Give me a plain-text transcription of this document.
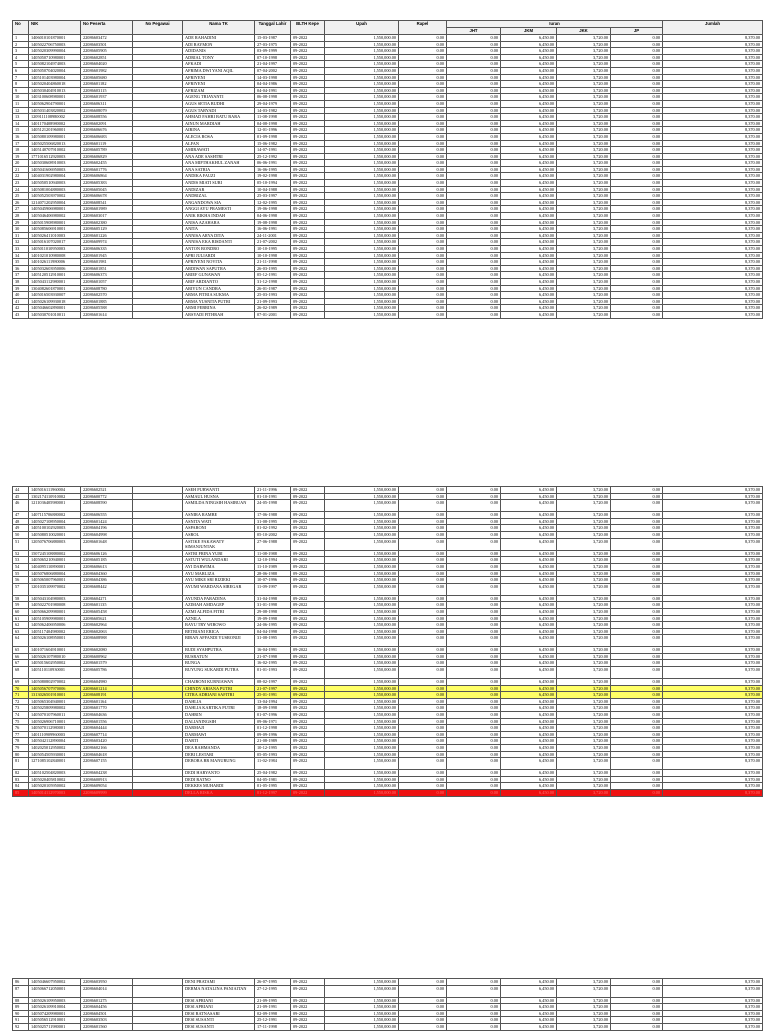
No	NIK	No Peserta	No Pegawai	Nama TK	Tanggal Lahir	BLTH Kepe	Upah	Rapel	Iuran				Jumlah
									JHT	JKM	JKK	JP	
1	1406010101870001	22086603472		ADE RAHADINI	15-03-1987	09-2022	1,550,000.00	0.00	0.00	6,450.00	3,720.00	0.00	8,370.00
2	1405022706750003	22086603501		ADI RAYMON	27-03-1975	09-2022	1,550,000.00	0.00	0.00	6,450.00	3,720.00	0.00	8,370.00
3	1405020309990004	22086605905		ADIDANIS	03-09-1999	09-2022	1,550,000.00	0.00	0.00	6,450.00	3,720.00	0.00	8,370.00
4	1405050710980001	22086602851		ADRIAL TONY	07-10-1998	09-2022	1,550,000.00	0.00	0.00	6,450.00	3,720.00	0.00	8,370.00
5	1405082104974003	22086604020		AFKADI	21-04-1997	09-2022	1,550,000.00	0.00	0.00	6,450.00	3,720.00	0.00	8,370.00
6	1405050704020004	22086601982		AFRIMA DWI YANI AQIL	07-04-2002	09-2022	1,550,000.00	0.00	0.00	6,450.00	3,720.00	0.00	8,370.00
7	1405101403980004	22086605680		AFRIYENI	14-03-1998	09-2022	1,550,000.00	0.00	0.00	6,450.00	3,720.00	0.00	8,370.00
8	1405020404860018	22086601182		AFRIYENI	04-04-1986	09-2022	1,550,000.00	0.00	0.00	6,450.00	3,720.00	0.00	8,370.00
9	1405030404910013	22086603115		AFRIZAM	04-04-1991	09-2022	1,550,000.00	0.00	0.00	6,450.00	3,720.00	0.00	8,370.00
10	1403100608980001	22086601937		AGENG TRIAYANTI	06-08-1998	09-2022	1,550,000.00	0.00	0.00	6,450.00	3,720.00	0.00	8,370.00
11	1405062904790001	22086606311		AGUS SETIA BUDHI	29-04-1979	09-2022	1,550,000.00	0.00	0.00	6,450.00	3,720.00	0.00	8,370.00
12	1405031403820002	22086608079		AGUS TARYADI	14-03-1982	09-2022	1,550,000.00	0.00	0.00	6,450.00	3,720.00	0.00	8,370.00
13	1209111108980002	22086608556		AHMAD FAHRI BATU BARA	11-08-1998	09-2022	1,550,000.00	0.00	0.00	6,450.00	3,720.00	0.00	8,370.00
14	1401170408980002	22086602091		AINUN MARDIAH	04-08-1998	09-2022	1,550,000.00	0.00	0.00	6,450.00	3,720.00	0.00	8,370.00
15	1405121201960001	22086606676		AIRINA	12-01-1996	09-2022	1,550,000.00	0.00	0.00	6,450.00	3,720.00	0.00	8,370.00
16	1405080109980001	22086606683		ALECIA ROSA	01-09-1998	09-2022	1,550,000.00	0.00	0.00	6,450.00	3,720.00	0.00	8,370.00
17	1405025506820013	22086601119		ALFAN	15-06-1982	09-2022	1,550,000.00	0.00	0.00	6,450.00	3,720.00	0.00	8,370.00
18	1405140707910002	22086605789		AMIRAWATI	14-07-1991	09-2022	1,550,000.00	0.00	0.00	6,450.00	3,720.00	0.00	8,370.00
19	1771016512920003	22086606829		ANA ADE SASHTRI	25-12-1992	09-2022	1,550,000.00	0.00	0.00	6,450.00	3,720.00	0.00	8,370.00
20	1405030608910003	22086602455		ANA MIFTHAKHUL ZANAH	06-06-1991	09-2022	1,550,000.00	0.00	0.00	6,450.00	3,720.00	0.00	8,370.00
21	1405041606950003	22086601776		ANA SATRIA	16-06-1995	09-2022	1,550,000.00	0.00	0.00	6,450.00	3,720.00	0.00	8,370.00
22	1404031902980004	22086606864		ANDIKA FAUZI	19-02-1998	09-2022	1,550,000.00	0.00	0.00	6,450.00	3,720.00	0.00	8,370.00
23	1405050510940003	22086605383		ANDIS MIATI SURI	05-10-1994	09-2022	1,550,000.00	0.00	0.00	6,450.00	3,720.00	0.00	8,370.00
24	1405081004880003	22086605045		ANDIZAR	10-04-1988	09-2022	1,550,000.00	0.00	0.00	6,450.00	3,720.00	0.00	8,370.00
25	1405052503970002	22086606678		ANDRIZAL	25-03-1997	09-2022	1,550,000.00	0.00	0.00	6,450.00	3,720.00	0.00	8,370.00
26	1214071202950004	22086608541		ANGANDOWA SIA	12-02-1995	09-2022	1,550,000.00	0.00	0.00	6,450.00	3,720.00	0.00	8,370.00
27	1405045906980001	22086601989		ANGGI AYU PRAMESTI	19-06-1998	09-2022	1,550,000.00	0.00	0.00	6,450.00	3,720.00	0.00	8,370.00
28	1405046406980002	22086603017		ANIK RIKHA INDAH	04-06-1998	09-2022	1,550,000.00	0.00	0.00	6,450.00	3,720.00	0.00	8,370.00
29	1405015908980001	22086602380		ANISA AZAHARA	19-08-1998	09-2022	1,550,000.00	0.00	0.00	6,450.00	3,720.00	0.00	8,370.00
30	1405085606910001	22086605129		ANITA	16-06-1991	09-2022	1,550,000.00	0.00	0.00	6,450.00	3,720.00	0.00	8,370.00
31	1405026411010003	22086601226		ANNISA ARYA DITA	24-11-2001	09-2022	1,550,000.00	0.00	0.00	6,450.00	3,720.00	0.00	8,370.00
32	1405016107020017	22086609974		ANNISA EKA RISDANTI	21-07-2002	09-2022	1,550,000.00	0.00	0.00	6,450.00	3,720.00	0.00	8,370.00
33	1405011010950003	22086606335		ANTON BONDRO	10-10-1995	09-2022	1,550,000.00	0.00	0.00	6,450.00	3,720.00	0.00	8,370.00
34	1401021010980008	22086601945		APRI JULIARDI	10-10-1998	09-2022	1,550,000.00	0.00	0.00	6,450.00	3,720.00	0.00	8,370.00
35	1401026111980006	22086601981		APRIYENI NOVITA	21-11-1998	09-2022	1,550,000.00	0.00	0.00	6,450.00	3,720.00	0.00	8,370.00
36	1405032603950006	22086601851		ARDIWAN SAPUTRA	26-03-1995	09-2022	1,550,000.00	0.00	0.00	6,450.00	3,720.00	0.00	8,370.00
37	1405120512910001	22086606373		ARIEF GUNAWAN	05-12-1991	09-2022	1,550,000.00	0.00	0.00	6,450.00	3,720.00	0.00	8,370.00
38	1405043112980001	22086601057		ARIF ARDIANTO	31-12-1998	09-2022	1,550,000.00	0.00	0.00	6,450.00	3,720.00	0.00	8,370.00
39	1304082601870001	22086608780		ARIYUN CANDRA	26-01-1987	09-2022	1,550,000.00	0.00	0.00	6,450.00	3,720.00	0.00	8,370.00
40	1405016503930007	22086602570		ARMA FITRIA SUKMA	25-03-1993	09-2022	1,550,000.00	0.00	0.00	6,450.00	3,720.00	0.00	8,370.00
41	1405026109930018	22086601885		ARMA YUSNITA PUTRI	21-09-1993	09-2022	1,550,000.00	0.00	0.00	6,450.00	3,720.00	0.00	8,370.00
42	1405046602890001	22086605588		ARMI FEBRINA	26-02-1989	09-2022	1,550,000.00	0.00	0.00	6,450.00	3,720.00	0.00	8,370.00
43	1405030701010011	22086601614		ARSYADI FITHRAH	07-01-2001	09-2022	1,550,000.00	0.00	0.00	6,450.00	3,720.00	0.00	8,370.00
44	1405016111960004	22086602521		ASEH PURWANTI	21-11-1996	09-2022	1,550,000.00	0.00	0.00	6,450.00	3,720.00	0.00	8,370.00
45	1302174110910002	22086600772		ASMAUL HUSNA	01-10-1991	09-2022	1,550,000.00	0.00	0.00	6,450.00	3,720.00	0.00	8,370.00
46	1211036405980001	22086608590		ASMILDA NINGSIH HASIBUAN	24-05-1998	09-2022	1,550,000.00	0.00	0.00	6,450.00	3,720.00	0.00	8,370.00
47	1407115706880002	22086606555		ASNIRA RAMBE	17-06-1988	09-2022	1,550,000.00	0.00	0.00	6,450.00	3,720.00	0.00	8,370.00
48	1405027108950004	22086601424		ASNITA WATI	31-08-1995	09-2022	1,550,000.00	0.00	0.00	6,450.00	3,720.00	0.00	8,370.00
49	1405100102920003	22086604196		ASPARONI	01-02-1992	09-2022	1,550,000.00	0.00	0.00	6,450.00	3,720.00	0.00	8,370.00
50	1405080510020001	22086604998		ASROL	05-10-2002	09-2022	1,550,000.00	0.00	0.00	6,450.00	3,720.00	0.00	8,370.00
51	1205076706880003	22086601648		ASTIKE FAKAWATY SIMANJUNTAK	27-06-1988	09-2022	1,550,000.00	0.00	0.00	6,450.00	3,720.00	0.00	8,370.00
52	1507245108880002	22086606126		ASTRI FRINA YUBI	11-08-1988	09-2022	1,550,000.00	0.00	0.00	6,450.00	3,720.00	0.00	8,370.00
53	1405065210940001	22086605185		ASTUTI WULANDARI	12-10-1994	09-2022	1,550,000.00	0.00	0.00	6,450.00	3,720.00	0.00	8,370.00
54	1404095110890001	22086606613		AYI DARWIMA	11-10-1989	09-2022	1,550,000.00	0.00	0.00	6,450.00	3,720.00	0.00	8,370.00
55	1405076806880004	22086604360		AYU MARLIZA	28-06-1988	09-2022	1,550,000.00	0.00	0.00	6,450.00	3,720.00	0.00	8,370.00
56	1405065007960001	22086604386		AYU MIKE SRI RIZIEKI	10-07-1996	09-2022	1,550,000.00	0.00	0.00	6,450.00	3,720.00	0.00	8,370.00
57	1201035109970002	22086608442		AYUMI WARDANA SIREGAR	11-09-1997	09-2022	1,550,000.00	0.00	0.00	6,450.00	3,720.00	0.00	8,370.00
58	1405043104980003	22086604271		AYUNDA PARADINA	31-04-1998	09-2022	1,550,000.00	0.00	0.00	6,450.00	3,720.00	0.00	8,370.00
59	1405022701980008	22086601135		AZIMAH AMDAGEP	31-01-1998	09-2022	1,550,000.00	0.00	0.00	6,450.00	3,720.00	0.00	8,370.00
60	1405066209980001	22086605458		AZMI ALFIDA FITRI	29-08-1998	09-2022	1,550,000.00	0.00	0.00	6,450.00	3,720.00	0.00	8,370.00
61	1405105909980001	22086605621		AZNILA	19-09-1998	09-2022	1,550,000.00	0.00	0.00	6,450.00	3,720.00	0.00	8,370.00
62	1405062406950006	22086602964		BAYU TRY WIBOWO	24-06-1995	09-2022	1,550,000.00	0.00	0.00	6,450.00	3,720.00	0.00	8,370.00
63	1405117404980002	22086602063		BETRIANI ERICA	04-04-1998	09-2022	1,550,000.00	0.00	0.00	6,450.00	3,720.00	0.00	8,370.00
64	1405026108950001	22086608988		BIRAN AFFANDI YUSRONIJI	31-08-1995	09-2022	1,550,000.00	0.00	0.00	6,450.00	3,720.00	0.00	8,370.00
65	1401071604910001	22086602080		BUDI SYAHPUTRA	16-04-1991	09-2022	1,550,000.00	0.00	0.00	6,450.00	3,720.00	0.00	8,370.00
66	1405026107980010	22086600962		BUSRATUN	21-07-1998	09-2022	1,550,000.00	0.00	0.00	6,450.00	3,720.00	0.00	8,370.00
67	1405015602950002	22086601579		BUNGA	16-02-1995	09-2022	1,550,000.00	0.00	0.00	6,450.00	3,720.00	0.00	8,370.00
68	1405110110930001	22086605786		BUYUNG SUKARDI PUTRA	01-01-1993	09-2022	1,550,000.00	0.00	0.00	6,450.00	3,720.00	0.00	8,370.00
69	1405080802970002	22086604980		CHAIRONI KURNIAWAN	08-02-1997	09-2022	1,550,000.00	0.00	0.00	6,450.00	3,720.00	0.00	8,370.00
70	1405056707970006	22086601214		CHINDY ARIANA PUTRI	21-07-1997	09-2022	1,550,000.00	0.00	0.00	6,450.00	3,720.00	0.00	8,370.00
71	1313026501910001	22086608191		CITRA ADRIANI SAFITRI	25-01-1991	09-2022	1,550,000.00	0.00	0.00	6,450.00	3,720.00	0.00	8,370.00
72	1405065304940001	22086601164		DAHLIA	13-04-1994	09-2022	1,550,000.00	0.00	0.00	6,450.00	3,720.00	0.00	8,370.00
73	1405025809980002	22086601770		DAHLIA KARTIKA PUTRI	18-09-1998	09-2022	1,550,000.00	0.00	0.00	6,450.00	3,720.00	0.00	8,370.00
74	1405070107960011	22086604636		DAHRIN	01-07-1996	09-2022	1,550,000.00	0.00	0.00	6,450.00	3,720.00	0.00	8,370.00
75	1405026906710001	22086601556		DALIANINGSIH	09-06-1971	09-2022	1,550,000.00	0.00	0.00	6,450.00	3,720.00	0.00	8,370.00
76	1405070112980001	22086604444		DARMAJI	01-12-1998	09-2022	1,550,000.00	0.00	0.00	6,450.00	3,720.00	0.00	8,370.00
77	1401110909960003	22086607714		DARMAWI	09-09-1996	09-2022	1,550,000.00	0.00	0.00	6,450.00	3,720.00	0.00	8,370.00
78	1405042112890004	22086603420		DARTI	21-08-1989	09-2022	1,550,000.00	0.00	0.00	6,450.00	3,720.00	0.00	8,370.00
79	1402025012950002	22086602166		DEA RAHMANDA	10-12-1995	09-2022	1,550,000.00	0.00	0.00	6,450.00	3,720.00	0.00	8,370.00
80	1405054505930001	22086604618		DEBI LESTARI	05-05-1993	09-2022	1,550,000.00	0.00	0.00	6,450.00	3,720.00	0.00	8,370.00
81	1271085102840001	22086607155		DEBORA BR MANURUNG	11-02-1984	09-2022	1,550,000.00	0.00	0.00	6,450.00	3,720.00	0.00	8,370.00
82	1405102504820003	22086604238		DEDI HARYANTO	25-04-1982	09-2022	1,550,000.00	0.00	0.00	6,450.00	3,720.00	0.00	8,370.00
83	1405020405810002	22086600913		DEDI RATNO	04-05-1981	09-2022	1,550,000.00	0.00	0.00	6,450.00	3,720.00	0.00	8,370.00
84	1405020105950002	22086609054		DEKKES MUHARDI	01-05-1995	09-2022	1,550,000.00	0.00	0.00	6,450.00	3,720.00	0.00	8,370.00
85	1405014112970003	22086609999		DELLA RISKA	01-12-1997	09-2022	1,550,000.00	0.00	0.00	6,450.00	3,720.00	0.00	8,370.00
86	1405046607950002	22086603950		DENI PRATAMI	26-07-1995	09-2022	1,550,000.00	0.00	0.00	6,450.00	3,720.00	0.00	8,370.00
87	1405066712050001	22086604014		DERMA NATALINA PANJAITAN	27-12-1995	09-2022	1,550,000.00	0.00	0.00	6,450.00	3,720.00	0.00	8,370.00
88	1405026109950003	22086601275		DESI APRIANI	21-09-1995	09-2022	1,550,000.00	0.00	0.00	6,450.00	3,720.00	0.00	8,370.00
89	1405026109910004	22086604456		DESI APRIANI	21-09-1991	09-2022	1,550,000.00	0.00	0.00	6,450.00	3,720.00	0.00	8,370.00
90	1405074209980001	22086604501		DESI RATNASARI	02-09-1998	09-2022	1,550,000.00	0.00	0.00	6,450.00	3,720.00	0.00	8,370.00
91	1405056512910001	22086603503		DESI SUSANTI	25-12-1991	09-2022	1,550,000.00	0.00	0.00	6,450.00	3,720.00	0.00	8,370.00
92	1405025711980001	22086601560		DESI SUSANTI	17-11-1998	09-2022	1,550,000.00	0.00	0.00	6,450.00	3,720.00	0.00	8,370.00
